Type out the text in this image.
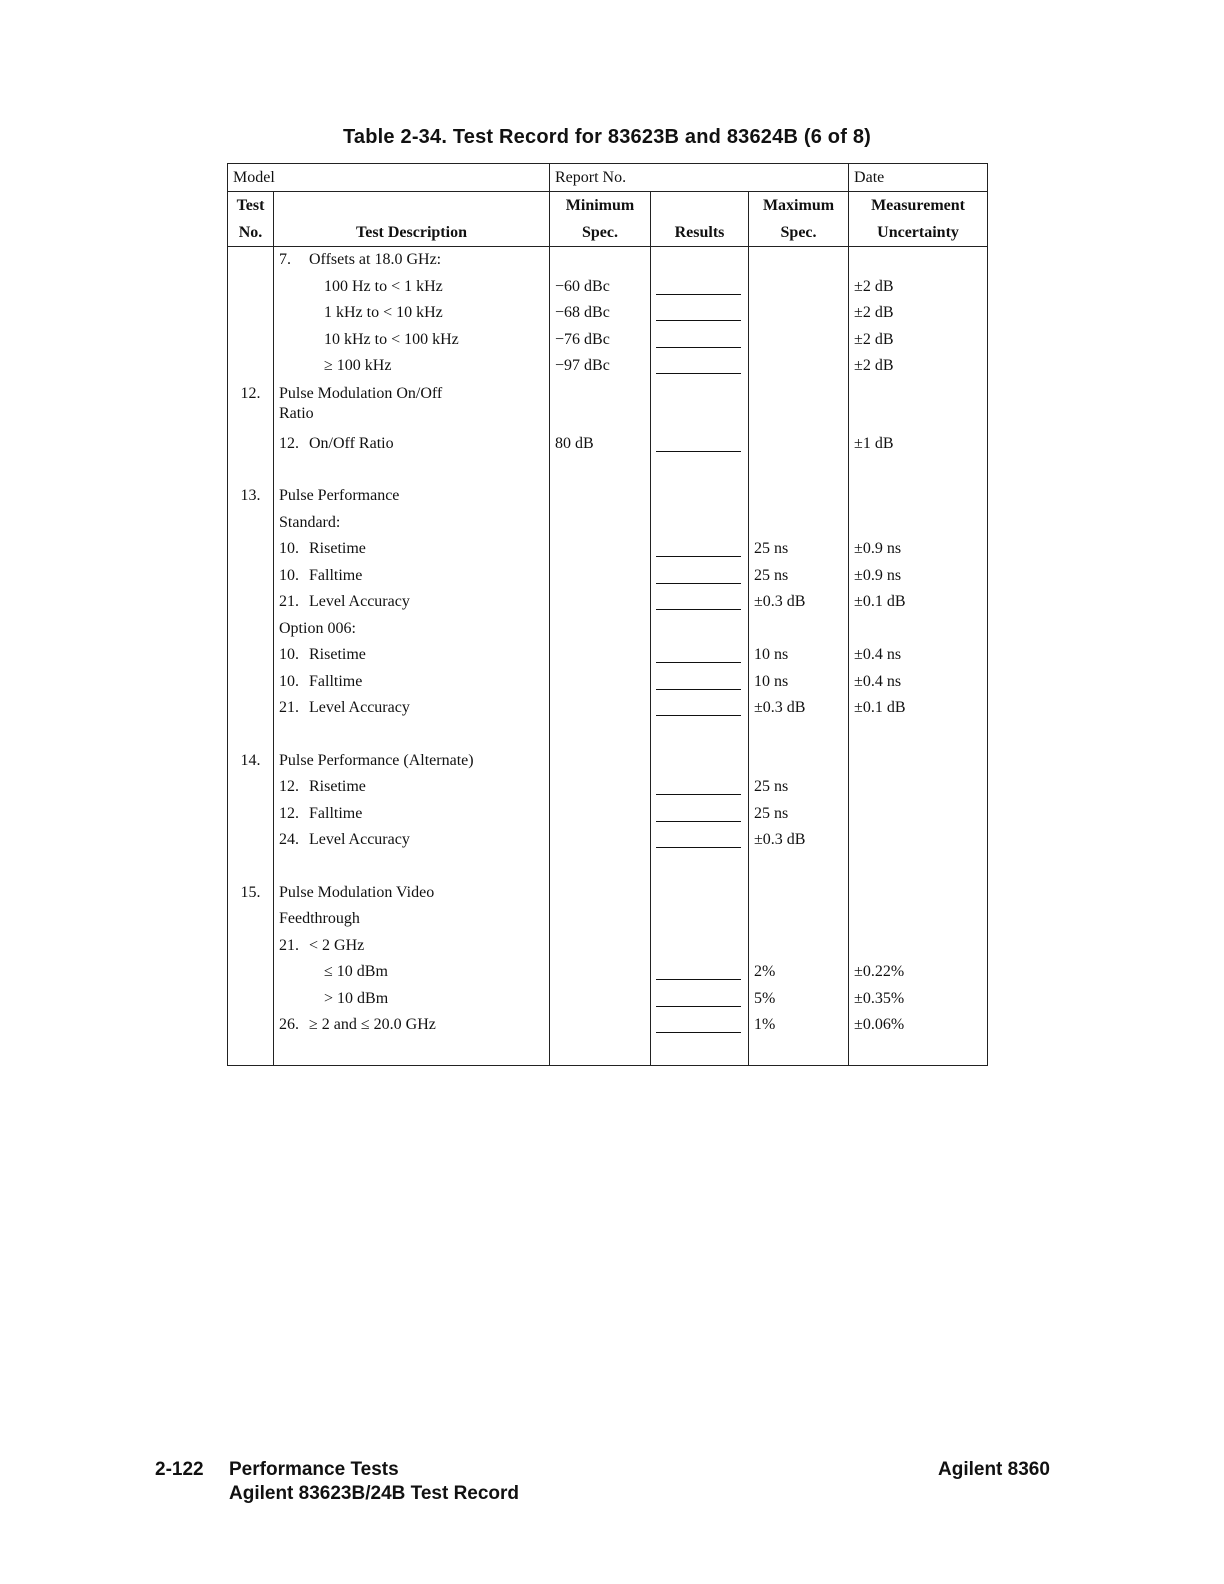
Table 2-34. Test Record for 83623B and 83624B (6 of 8)
Model		Report No.			Date
Test		Minimum		Maximum	Measurement
No.	Test Description	Spec.	Results	Spec.	Uncertainty
	7. Offsets at 18.0 GHz:				
	100 Hz to < 1 kHz	−60 dBc			±2 dB
	1 kHz to < 10 kHz	−68 dBc			±2 dB
	10 kHz to < 100 kHz	−76 dBc			±2 dB
	≥ 100 kHz	−97 dBc			±2 dB
12.	Pulse Modulation On/Off Ratio				
	12. On/Off Ratio	80 dB			±1 dB

13.	Pulse Performance				
	Standard:				
	10. Risetime			25 ns	±0.9 ns
	10. Falltime			25 ns	±0.9 ns
	21. Level Accuracy			±0.3 dB	±0.1 dB
	Option 006:				
	10. Risetime			10 ns	±0.4 ns
	10. Falltime			10 ns	±0.4 ns
	21. Level Accuracy			±0.3 dB	±0.1 dB

14.	Pulse Performance (Alternate)				
	12. Risetime			25 ns	
	12. Falltime			25 ns	
	24. Level Accuracy			±0.3 dB	

15.	Pulse Modulation Video				
	Feedthrough				
	21. < 2 GHz				
	≤ 10 dBm			2%	±0.22%
	> 10 dBm			5%	±0.35%
	26. ≥ 2 and ≤ 20.0 GHz			1%	±0.06%

2-122 Performance Tests
Agilent 83623B/24B Test Record
Agilent 8360
